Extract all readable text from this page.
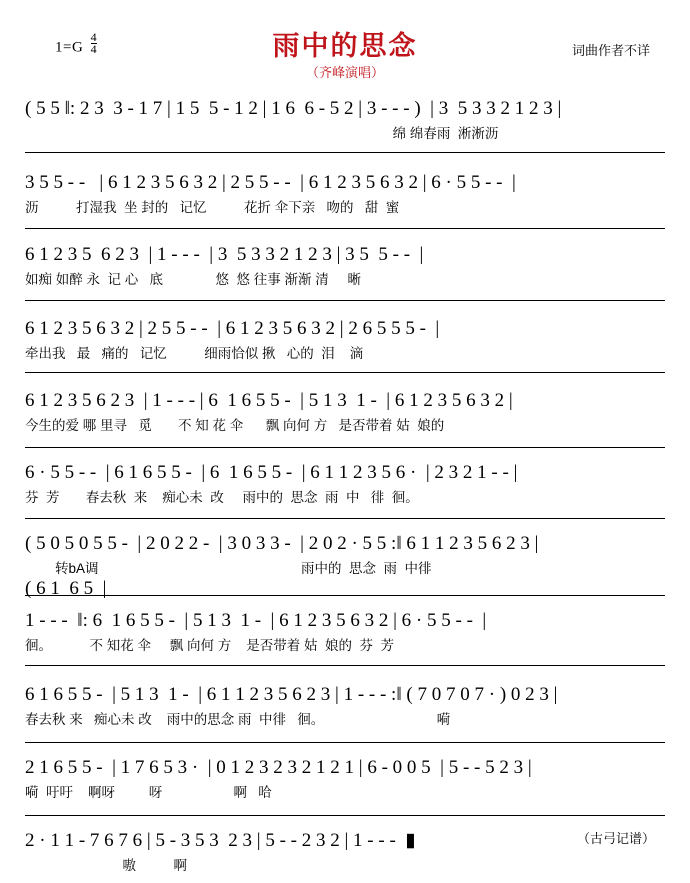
$1=G \frac{4}{4}$	雨中的思念
（齐峰演唱）
词曲作者不详
（古弓记谱）
( 5 5 ‖: 2 3  3 - 1 7 | 1 5  5 - 1 2 | 1 6  6 - 5 2 | 3 - - - )  | 3  5 3 3 2 1 2 3 |
绵 绵春雨  淅淅沥
3 5 5 - -   | 6 1 2 3 5 6 3 2 | 2 5 5 - -  | 6 1 2 3 5 6 3 2 | 6 · 5 5 - -  |
沥          打湿我  坐 封的   记忆          花折 伞下亲   吻的   甜  蜜
6 1 2 3 5  6 2 3  | 1 - - -  | 3  5 3 3 2 1 2 3 | 3 5  5 - -  |
如痴 如醉 永  记 心   底              悠  悠 往事 渐渐 清     晰
6 1 2 3 5 6 3 2 | 2 5 5 - -  | 6 1 2 3 5 6 3 2 | 2 6 5 5 5 -  |
牵出我   最   痛的   记忆          细雨恰似 揪   心的  泪    滴
6 1 2 3 5 6 2 3  | 1 - - - | 6  1 6 5 5 -  | 5 1 3  1 -  | 6 1 2 3 5 6 3 2 |
今生的爱 哪 里寻   觅       不 知 花 伞      飘 向何 方   是否带着 姑  娘的
6 · 5 5 - -  | 6 1 6 5 5 -  | 6  1 6 5 5 -  | 6 1 1 2 3 5 6 ·  | 2 3 2 1 - - |
芬  芳       春去秋  来    痴心未  改     雨中的  思念  雨  中   徘  徊。
( 5 0 5 0 5 5 -  | 2 0 2 2 -  | 3 0 3 3 -  | 2 0 2 · 5 5 :‖ 6 1 1 2 3 5 6 2 3 |
转bA调                                                      雨中的  思念  雨  中徘
( 6 1  6 5  |
1 - - -  ‖: 6  1 6 5 5 -  | 5 1 3  1 -  | 6 1 2 3 5 6 3 2 | 6 · 5 5 - -  |
徊。          不 知花 伞     飘 向何 方    是否带着 姑  娘的  芬  芳
6 1 6 5 5 -  | 5 1 3  1 -  | 6 1 1 2 3 5 6 2 3 | 1 - - - :‖ ( 7 0 7 0 7 · ) 0 2 3 |
春去秋 来   痴心未 改    雨中的思念 雨  中徘   徊。                              嗬
2 1 6 5 5 -  | 1 7 6 5 3 ·  | 0 1 2 3 2 3 2 1 2 1 | 6 - 0 0 5  | 5 - - 5 2 3 |
嗬  吁吁    啊呀         呀                   啊   哈
2 · 1 1 - 7 6 7 6 | 5 - 3 5 3  2 3 | 5 - - 2 3 2 | 1 - - -  ▮
嗷          啊
